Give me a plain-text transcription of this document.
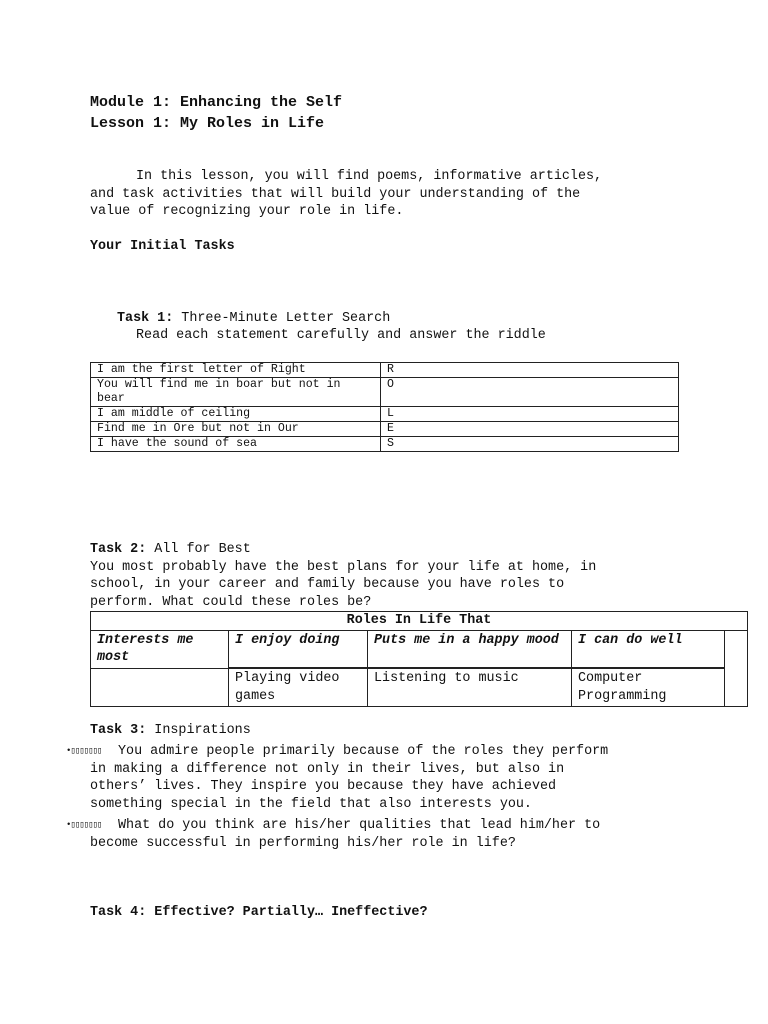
Module 1: Enhancing the Self
Lesson 1: My Roles in Life
In this lesson, you will find poems, informative articles,
and task activities that will build your understanding of the
value of recognizing your role in life.
Your Initial Tasks
Task 1: Three-Minute Letter Search
Read each statement carefully and answer the riddle
I am the first letter of Right	R
You will find me in boar but not in bear	O
I am middle of ceiling	L
Find me in Ore but not in Our	E
I have the sound of sea	S
Task 2: All for Best
You most probably have the best plans for your life at home, in
school, in your career and family because you have roles to
perform. What could these roles be?
Roles In Life That				
Interests me most	I enjoy doing	Puts me in a happy mood	I can do well	
	Playing video games	Listening to music	Computer Programming	
Task 3: Inspirations
•▯▯▯▯▯▯▯ You admire people primarily because of the roles they perform
in making a difference not only in their lives, but also in
others’ lives. They inspire you because they have achieved
something special in the field that also interests you.
•▯▯▯▯▯▯▯ What do you think are his/her qualities that lead him/her to
become successful in performing his/her role in life?
Task 4: Effective? Partially… Ineffective?
